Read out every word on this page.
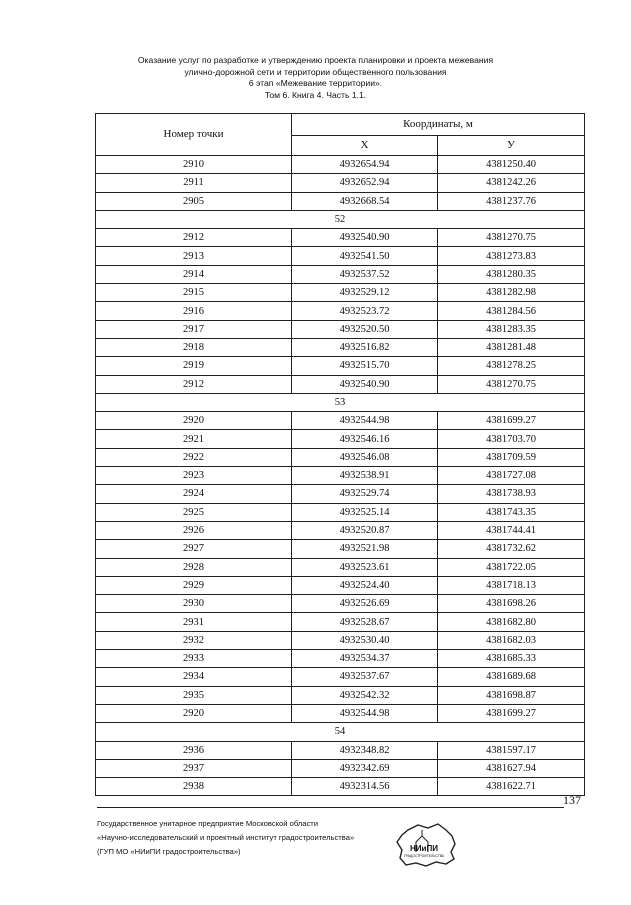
Оказание услуг по разработке и утверждению проекта планировки и проекта межевания
улично-дорожной сети и территории общественного пользования
6 этап «Межевание территории».
Том 6. Книга 4. Часть 1.1.
Номер точки	Координаты, м	
	X	У
2910	4932654.94	4381250.40
2911	4932652.94	4381242.26
2905	4932668.54	4381237.76
52		
2912	4932540.90	4381270.75
2913	4932541.50	4381273.83
2914	4932537.52	4381280.35
2915	4932529.12	4381282.98
2916	4932523.72	4381284.56
2917	4932520.50	4381283.35
2918	4932516.82	4381281.48
2919	4932515.70	4381278.25
2912	4932540.90	4381270.75
53		
2920	4932544.98	4381699.27
2921	4932546.16	4381703.70
2922	4932546.08	4381709.59
2923	4932538.91	4381727.08
2924	4932529.74	4381738.93
2925	4932525.14	4381743.35
2926	4932520.87	4381744.41
2927	4932521.98	4381732.62
2928	4932523.61	4381722.05
2929	4932524.40	4381718.13
2930	4932526.69	4381698.26
2931	4932528.67	4381682.80
2932	4932530.40	4381682.03
2933	4932534.37	4381685.33
2934	4932537.67	4381689.68
2935	4932542.32	4381698.87
2920	4932544.98	4381699.27
54		
2936	4932348.82	4381597.17
2937	4932342.69	4381627.94
2938	4932314.56	4381622.71
137
Государственное унитарное предприятие Московской области
«Научно-исследовательский и проектный институт градостроительства»
(ГУП МО «НИиПИ градостроительства»)	НИиПИ
ГРАДОСТРОИТЕЛЬСТВА
